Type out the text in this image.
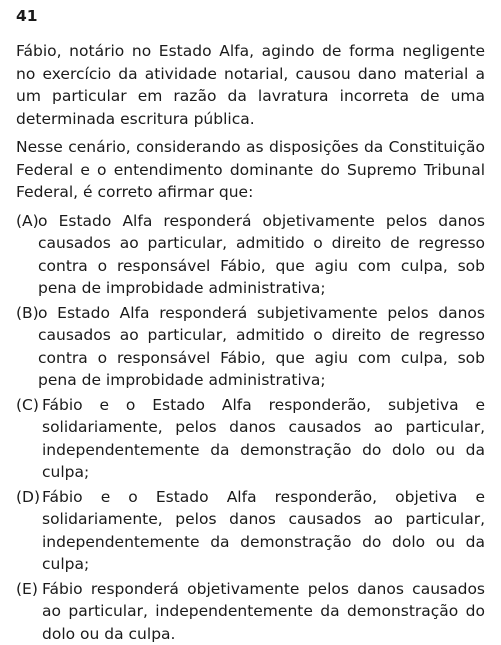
41

Fábio, notário no Estado Alfa, agindo de forma negligente no exercício da atividade notarial, causou dano material a um particular em razão da lavratura incorreta de uma determinada escritura pública.

Nesse cenário, considerando as disposições da Constituição Federal e o entendimento dominante do Supremo Tribunal Federal, é correto afirmar que:

(A) o Estado Alfa responderá objetivamente pelos danos causados ao particular, admitido o direito de regresso contra o responsável Fábio, que agiu com culpa, sob pena de improbidade administrativa;
(B) o Estado Alfa responderá subjetivamente pelos danos causados ao particular, admitido o direito de regresso contra o responsável Fábio, que agiu com culpa, sob pena de improbidade administrativa;
(C) Fábio e o Estado Alfa responderão, subjetiva e solidariamente, pelos danos causados ao particular, independentemente da demonstração do dolo ou da culpa;
(D) Fábio e o Estado Alfa responderão, objetiva e solidariamente, pelos danos causados ao particular, independentemente da demonstração do dolo ou da culpa;
(E) Fábio responderá objetivamente pelos danos causados ao particular, independentemente da demonstração do dolo ou da culpa.
